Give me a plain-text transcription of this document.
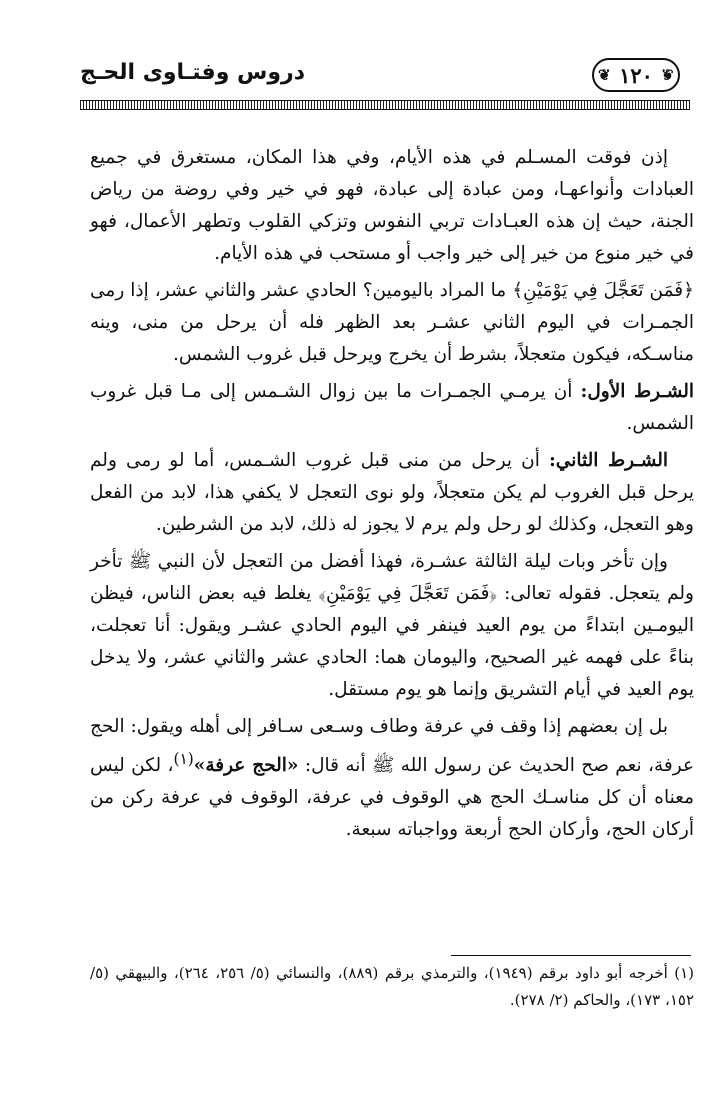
❦ ١٢٠
❦
دروس وفتـاوى الحـج

إذن فوقت المسـلم في هذه الأيام، وفي هذا المكان، مستغرق في جميع العبادات وأنواعهـا، ومن عبادة إلى عبادة، فهو في خير وفي روضة من رياض الجنة، حيث إن هذه العبـادات تربي النفوس وتزكي القلوب وتطهر الأعمال، فهو في خير منوع من خير إلى خير واجب أو مستحب في هذه الأيام.

﴿فَمَن تَعَجَّلَ فِي يَوْمَيْنِ﴾ ما المراد باليومين؟ الحادي عشر والثاني عشر، إذا رمى الجمـرات في اليوم الثاني عشـر بعد الظهر فله أن يرحل من منى، وينه مناسـكه، فيكون متعجلاً، بشرط أن يخرج ويرحل قبل غروب الشمس.

الشـرط الأول: أن يرمـي الجمـرات ما بين زوال الشـمس إلى مـا قبل غروب الشمس.

الشـرط الثاني: أن يرحل من منى قبل غروب الشـمس، أما لو رمى ولم يرحل قبل الغروب لم يكن متعجلاً، ولو نوى التعجل لا يكفي هذا، لابد من الفعل وهو التعجل، وكذلك لو رحل ولم يرم لا يجوز له ذلك، لابد من الشرطين.

وإن تأخر وبات ليلة الثالثة عشـرة، فهذا أفضل من التعجل لأن النبي ﷺ تأخر ولم يتعجل. فقوله تعالى: ﴿فَمَن تَعَجَّلَ فِي يَوْمَيْنِ﴾ يغلط فيه بعض الناس، فيظن اليومـين ابتداءً من يوم العيد فينفر في اليوم الحادي عشـر ويقول: أنا تعجلت، بناءً على فهمه غير الصحيح، واليومان هما: الحادي عشر والثاني عشر، ولا يدخل يوم العيد في أيام التشريق وإنما هو يوم مستقل.

بل إن بعضهم إذا وقف في عرفة وطاف وسـعى سـافر إلى أهله ويقول: الحج عرفة، نعم صح الحديث عن رسول الله ﷺ أنه قال: «الحج عرفة»$^{(١)}$، لكن ليس معناه أن كل مناسـك الحج هي الوقوف في عرفة، الوقوف في عرفة ركن من أركان الحج، وأركان الحج أربعة وواجباته سبعة.

(١) أخرجه أبو داود برقم (١٩٤٩)، والترمذي برقم (٨٨٩)، والنسائي (٥/ ٢٥٦، ٢٦٤)، والبيهقي (٥/ ١٥٢، ١٧٣)، والحاكم (٢/ ٢٧٨).
